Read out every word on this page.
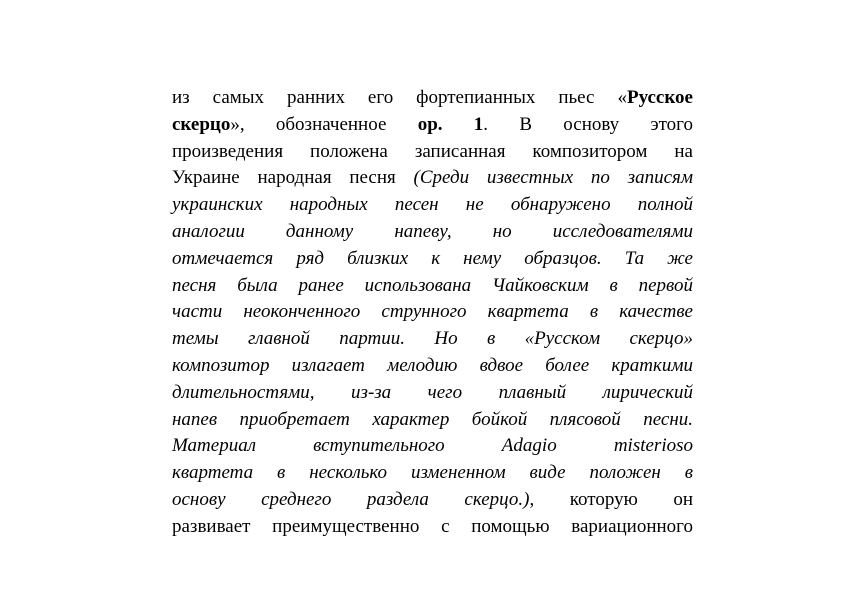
из самых ранних его фортепианных пьес «Русское
скерцо», обозначенное ор. 1. В основу этого
произведения положена записанная композитором на
Украине народная песня (Среди известных по записям
украинских народных песен не обнаружено полной
аналогии данному напеву, но исследователями
отмечается ряд близких к нему образцов. Та же
песня была ранее использована Чайковским в первой
части неоконченного струнного квартета в качестве
темы главной партии. Но в «Русском скерцо»
композитор излагает мелодию вдвое более краткими
длительностями, из-за чего плавный лирический
напев приобретает характер бойкой плясовой песни.
Материал вступительного Adagio misterioso
квартета в несколько измененном виде положен в
основу среднего раздела скерцо.), которую он
развивает преимущественно с помощью вариационного
